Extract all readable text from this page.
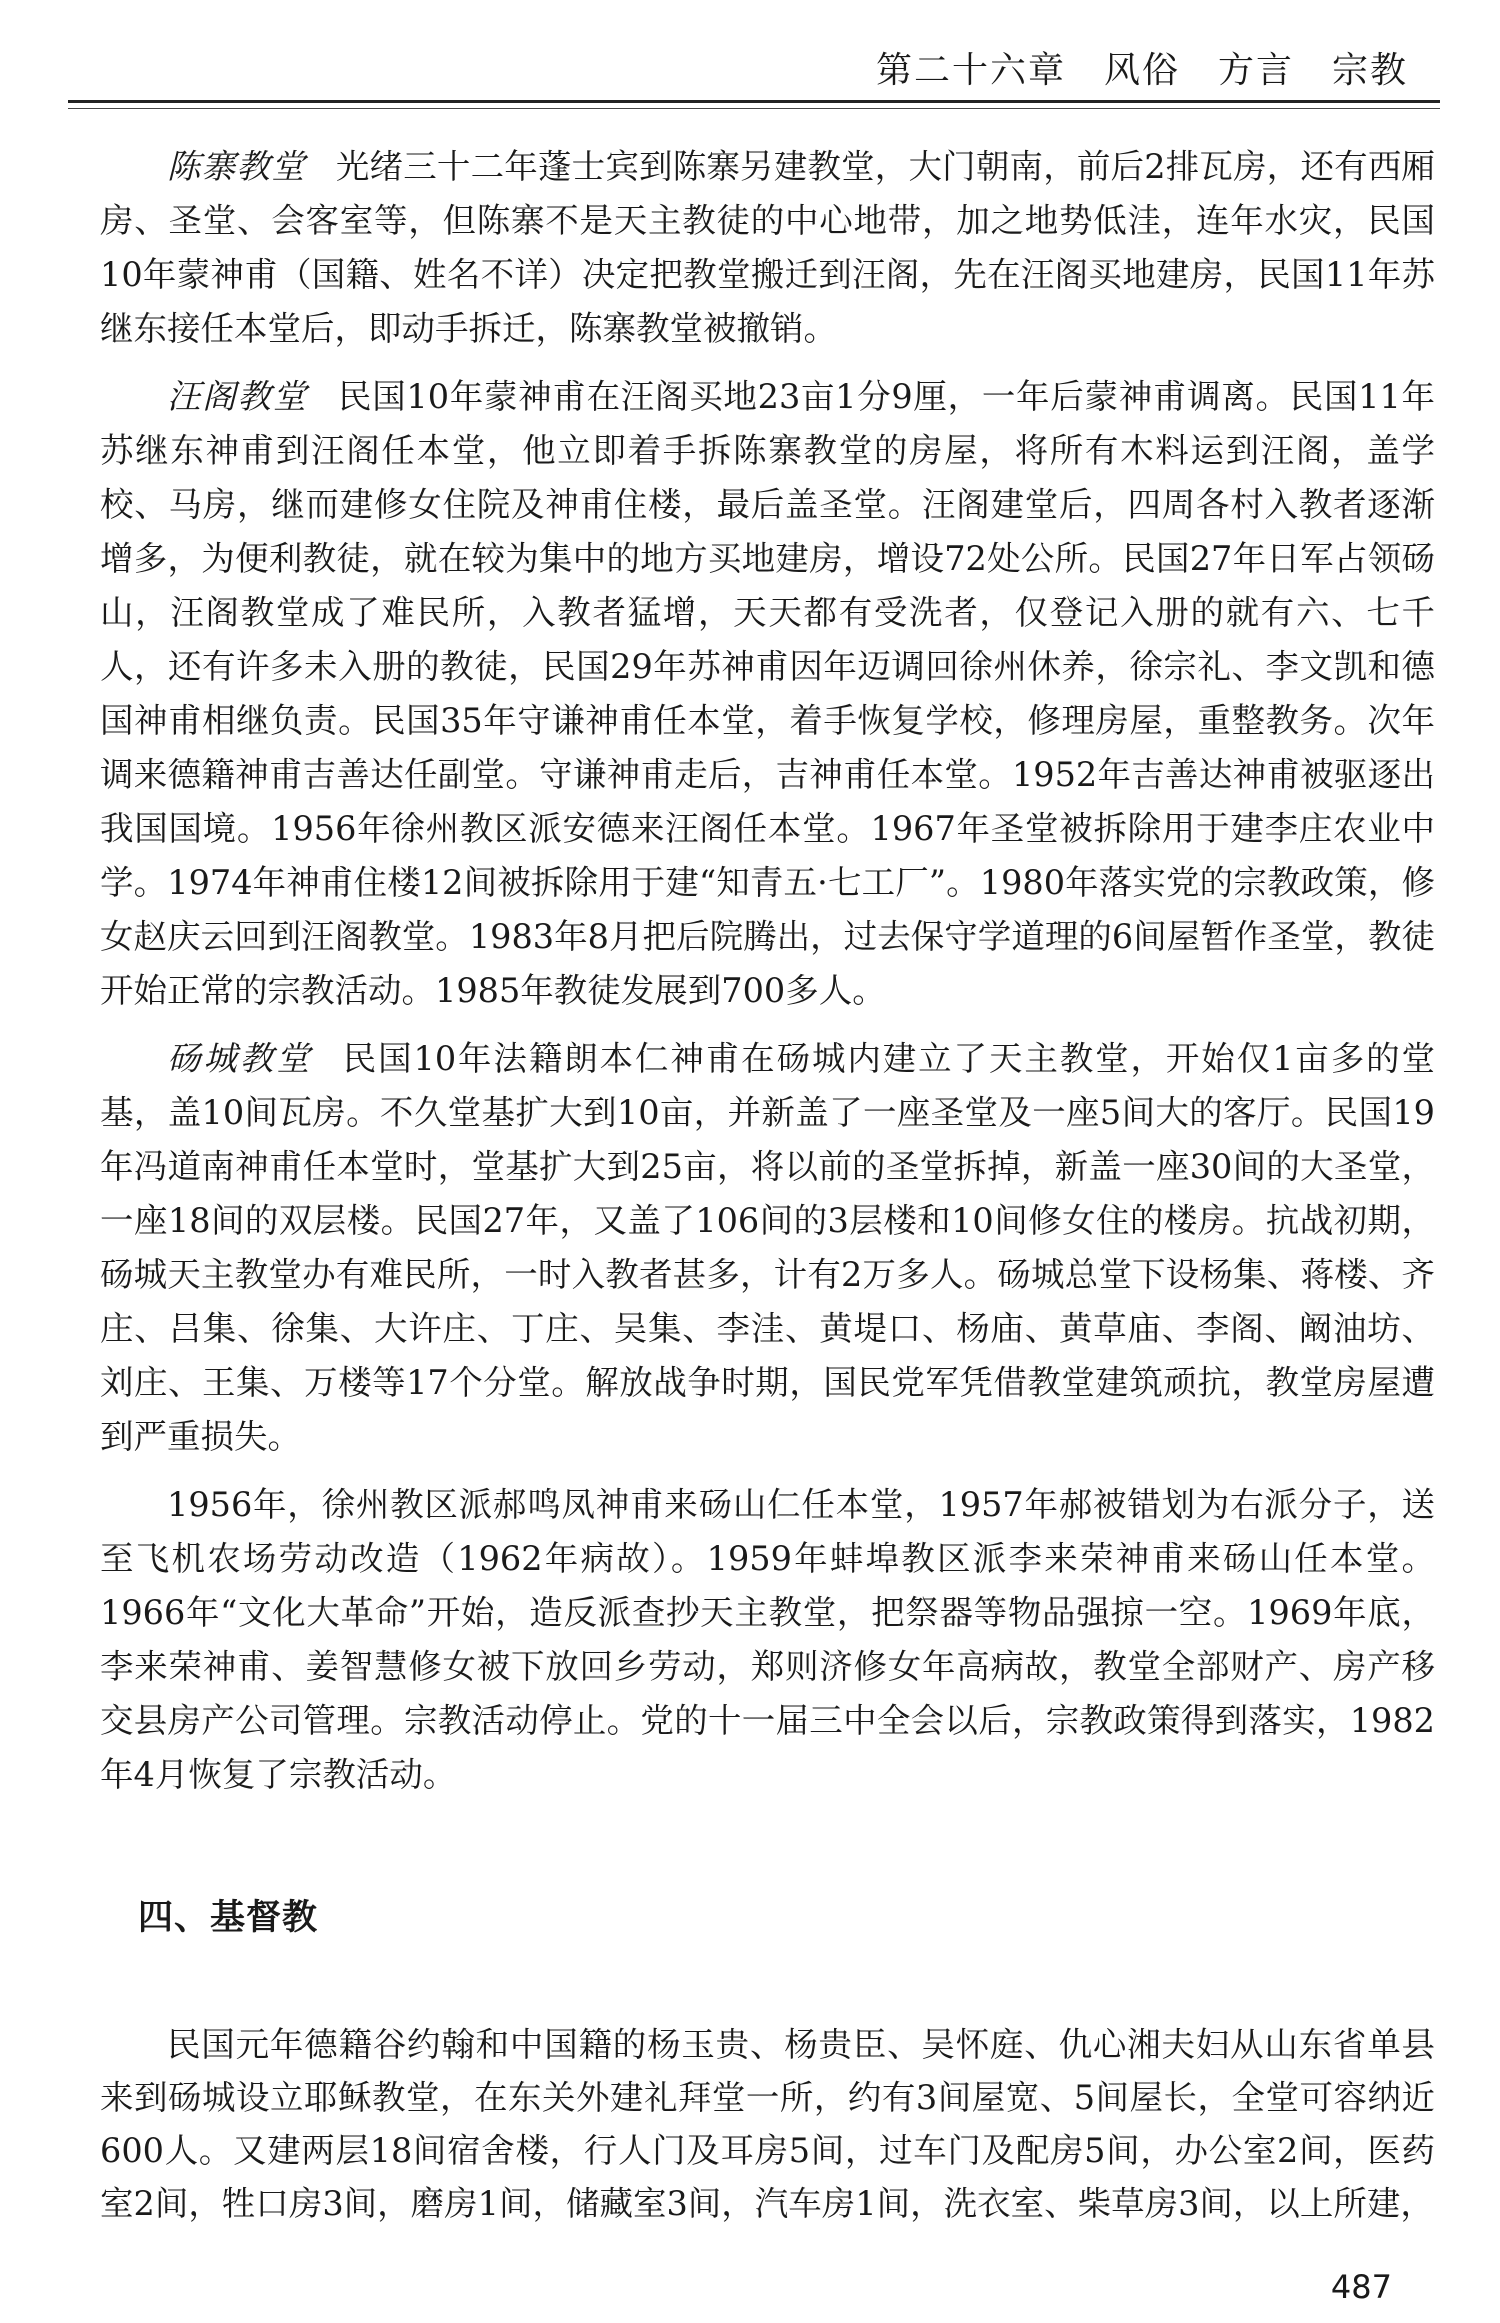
第二十六章 风俗 方言 宗教

陈寨教堂 光绪三十二年蓬士宾到陈寨另建教堂，大门朝南，前后2排瓦房，还有西厢房、圣堂、会客室等，但陈寨不是天主教徒的中心地带，加之地势低洼，连年水灾，民国10年蒙神甫（国籍、姓名不详）决定把教堂搬迁到汪阁，先在汪阁买地建房，民国11年苏继东接任本堂后，即动手拆迁，陈寨教堂被撤销。

汪阁教堂 民国10年蒙神甫在汪阁买地23亩1分9厘，一年后蒙神甫调离。民国11年苏继东神甫到汪阁任本堂，他立即着手拆陈寨教堂的房屋，将所有木料运到汪阁，盖学校、马房，继而建修女住院及神甫住楼，最后盖圣堂。汪阁建堂后，四周各村入教者逐渐增多，为便利教徒，就在较为集中的地方买地建房，增设72处公所。民国27年日军占领砀山，汪阁教堂成了难民所，入教者猛增，天天都有受洗者，仅登记入册的就有六、七千人，还有许多未入册的教徒，民国29年苏神甫因年迈调回徐州休养，徐宗礼、李文凯和德国神甫相继负责。民国35年守谦神甫任本堂，着手恢复学校，修理房屋，重整教务。次年调来德籍神甫吉善达任副堂。守谦神甫走后，吉神甫任本堂。1952年吉善达神甫被驱逐出我国国境。1956年徐州教区派安德来汪阁任本堂。1967年圣堂被拆除用于建李庄农业中学。1974年神甫住楼12间被拆除用于建“知青五·七工厂”。1980年落实党的宗教政策，修女赵庆云回到汪阁教堂。1983年8月把后院腾出，过去保守学道理的6间屋暂作圣堂，教徒开始正常的宗教活动。1985年教徒发展到700多人。

砀城教堂 民国10年法籍朗本仁神甫在砀城内建立了天主教堂，开始仅1亩多的堂基，盖10间瓦房。不久堂基扩大到10亩，并新盖了一座圣堂及一座5间大的客厅。民国19年冯道南神甫任本堂时，堂基扩大到25亩，将以前的圣堂拆掉，新盖一座30间的大圣堂，一座18间的双层楼。民国27年，又盖了106间的3层楼和10间修女住的楼房。抗战初期，砀城天主教堂办有难民所，一时入教者甚多，计有2万多人。砀城总堂下设杨集、蒋楼、齐庄、吕集、徐集、大许庄、丁庄、吴集、李洼、黄堤口、杨庙、黄草庙、李阁、阚油坊、刘庄、王集、万楼等17个分堂。解放战争时期，国民党军凭借教堂建筑顽抗，教堂房屋遭到严重损失。

1956年，徐州教区派郝鸣凤神甫来砀山仁任本堂，1957年郝被错划为右派分子，送至飞机农场劳动改造（1962年病故）。1959年蚌埠教区派李来荣神甫来砀山任本堂。1966年“文化大革命”开始，造反派查抄天主教堂，把祭器等物品强掠一空。1969年底，李来荣神甫、姜智慧修女被下放回乡劳动，郑则济修女年高病故，教堂全部财产、房产移交县房产公司管理。宗教活动停止。党的十一届三中全会以后，宗教政策得到落实，1982年4月恢复了宗教活动。

四、基督教

民国元年德籍谷约翰和中国籍的杨玉贵、杨贵臣、吴怀庭、仇心湘夫妇从山东省单县来到砀城设立耶稣教堂，在东关外建礼拜堂一所，约有3间屋宽、5间屋长，全堂可容纳近600人。又建两层18间宿舍楼，行人门及耳房5间，过车门及配房5间，办公室2间，医药室2间，牲口房3间，磨房1间，储藏室3间，汽车房1间，洗衣室、柴草房3间，以上所建，

487
